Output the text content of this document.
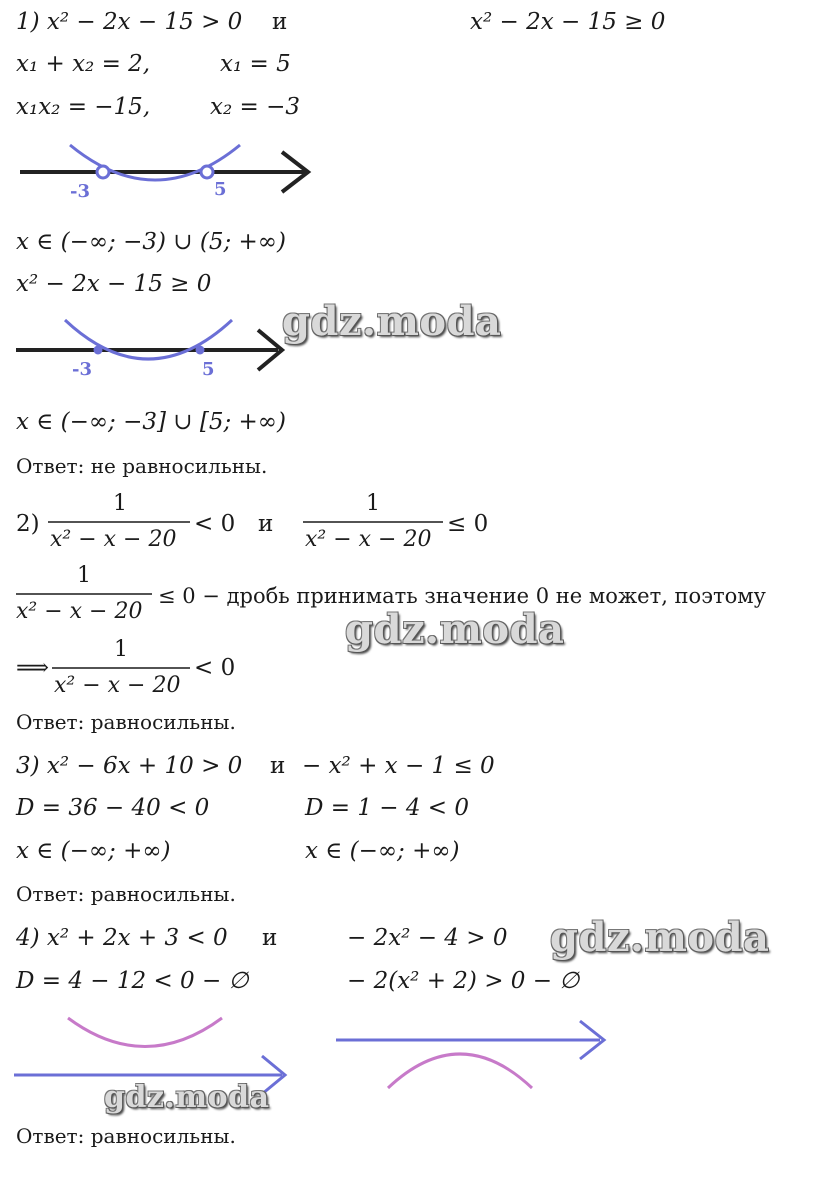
1) x² − 2x − 15 > 0 и	x² − 2x − 15 ≥ 0
x₁ + x₂ = 2,	x₁ = 5
x₁x₂ = −15,	x₂ = −3
-3	5
x ∈ (−∞; −3) ∪ (5; +∞)
x² − 2x − 15 ≥ 0
gdz.moda
-3	5
x ∈ (−∞; −3] ∪ [5; +∞)
Ответ: не равносильны.
2)
1
x² − x − 20
< 0 и
1
x² − x − 20
≤ 0
1
x² − x − 20
≤ 0 − дробь принимать значение 0 не может, поэтому
gdz.moda
⟹
1
x² − x − 20
< 0
Ответ: равносильны.
3) x² − 6x + 10 > 0 и − x² + x − 1 ≤ 0
D = 36 − 40 < 0	D = 1 − 4 < 0
x ∈ (−∞; +∞)	x ∈ (−∞; +∞)
Ответ: равносильны.
4) x² + 2x + 3 < 0 и	− 2x² − 4 > 0 gdz.moda
D = 4 − 12 < 0 − ∅	− 2(x² + 2) > 0 − ∅
gdz.moda
Ответ: равносильны.
